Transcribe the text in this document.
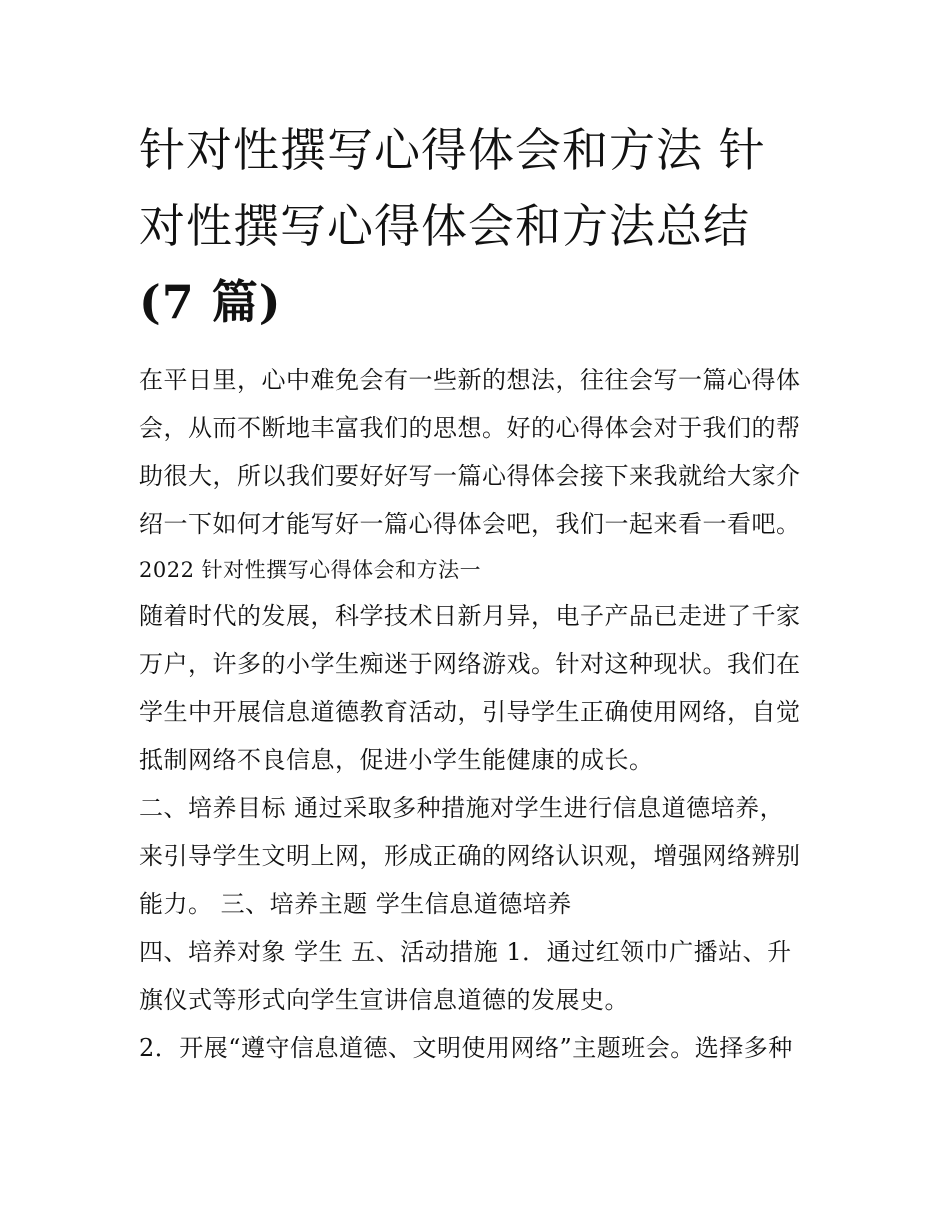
针对性撰写心得体会和方法 针
对性撰写心得体会和方法总结
(7 篇)
在平日里，心中难免会有一些新的想法，往往会写一篇心得体
会，从而不断地丰富我们的思想。好的心得体会对于我们的帮
助很大，所以我们要好好写一篇心得体会接下来我就给大家介
绍一下如何才能写好一篇心得体会吧，我们一起来看一看吧。
2022 针对性撰写心得体会和方法一
随着时代的发展，科学技术日新月异，电子产品已走进了千家
万户，许多的小学生痴迷于网络游戏。针对这种现状。我们在
学生中开展信息道德教育活动，引导学生正确使用网络，自觉
抵制网络不良信息，促进小学生能健康的成长。
二、培养目标 通过采取多种措施对学生进行信息道德培养，
来引导学生文明上网，形成正确的网络认识观，增强网络辨别
能力。 三、培养主题 学生信息道德培养
四、培养对象 学生 五、活动措施 1．通过红领巾广播站、升
旗仪式等形式向学生宣讲信息道德的发展史。
2．开展“遵守信息道德、文明使用网络”主题班会。选择多种
